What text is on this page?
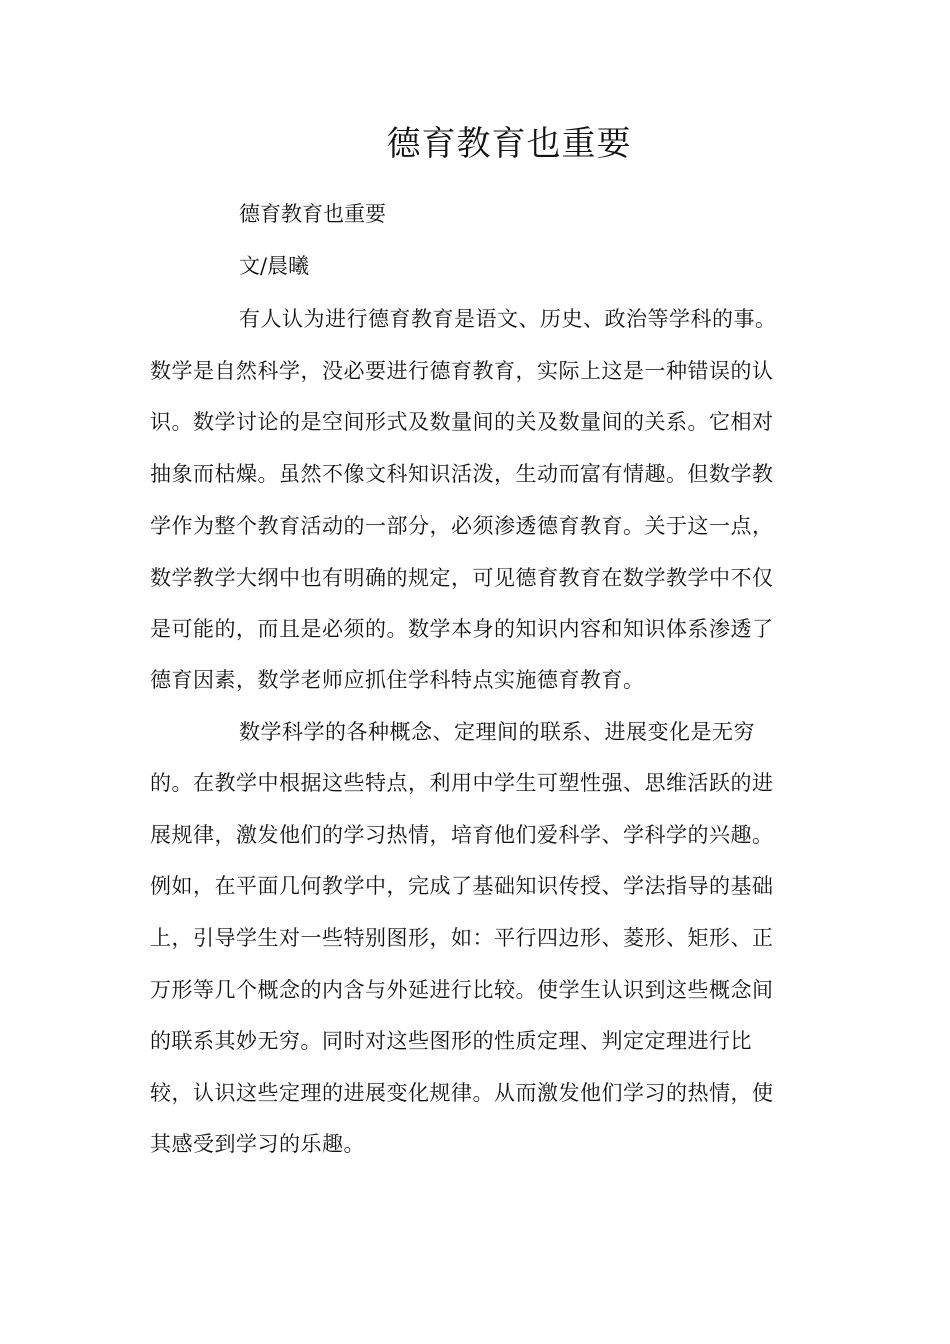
德育教育也重要
德育教育也重要
文/晨曦
有人认为进行德育教育是语文、历史、政治等学科的事。
数学是自然科学，没必要进行德育教育，实际上这是一种错误的认
识。数学讨论的是空间形式及数量间的关及数量间的关系。它相对
抽象而枯燥。虽然不像文科知识活泼，生动而富有情趣。但数学教
学作为整个教育活动的一部分，必须渗透德育教育。关于这一点，
数学教学大纲中也有明确的规定，可见德育教育在数学教学中不仅
是可能的，而且是必须的。数学本身的知识内容和知识体系渗透了
德育因素，数学老师应抓住学科特点实施德育教育。
数学科学的各种概念、定理间的联系、进展变化是无穷
的。在教学中根据这些特点，利用中学生可塑性强、思维活跃的进
展规律，激发他们的学习热情，培育他们爱科学、学科学的兴趣。
例如，在平面几何教学中，完成了基础知识传授、学法指导的基础
上，引导学生对一些特别图形，如：平行四边形、菱形、矩形、正
万形等几个概念的内含与外延进行比较。使学生认识到这些概念间
的联系其妙无穷。同时对这些图形的性质定理、判定定理进行比
较，认识这些定理的进展变化规律。从而激发他们学习的热情，使
其感受到学习的乐趣。
